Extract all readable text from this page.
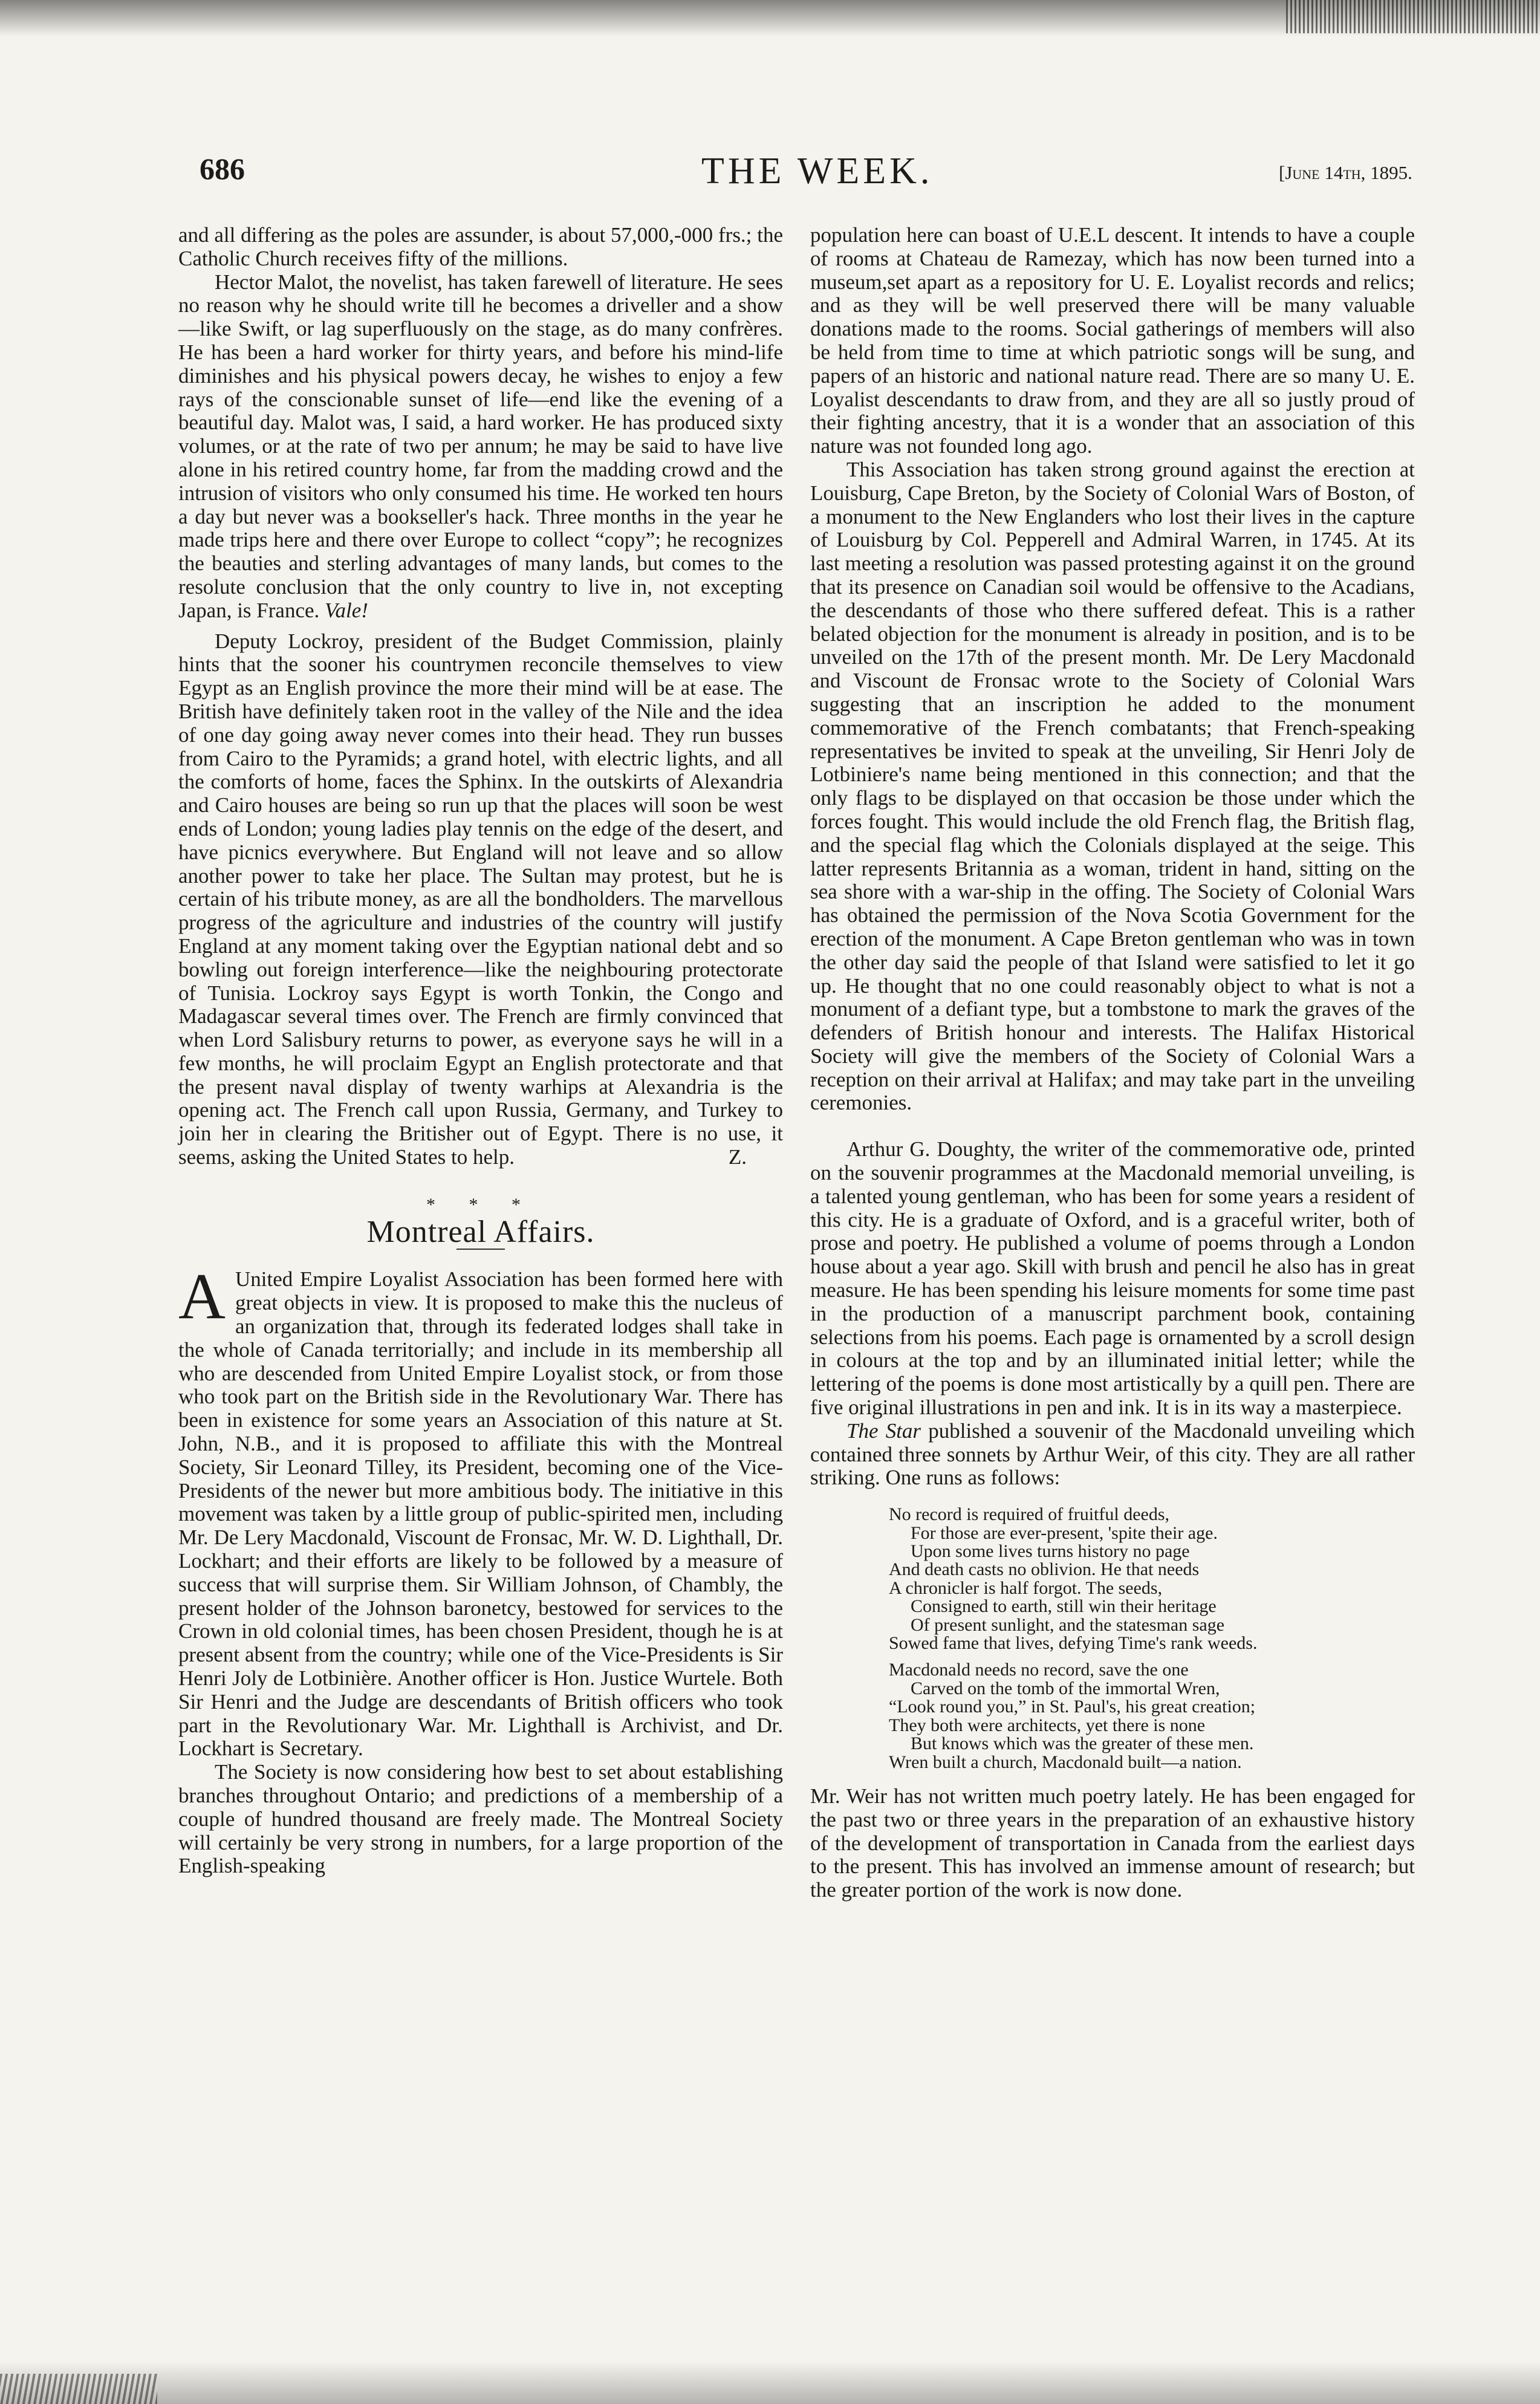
686	THE WEEK.	[June 14th, 1895.

and all differing as the poles are assunder, is about 57,000,-000 frs.; the Catholic Church receives fifty of the millions.

Hector Malot, the novelist, has taken farewell of literature. He sees no reason why he should write till he becomes a driveller and a show—like Swift, or lag superfluously on the stage, as do many confrères. He has been a hard worker for thirty years, and before his mind-life diminishes and his physical powers decay, he wishes to enjoy a few rays of the conscionable sunset of life—end like the evening of a beautiful day. Malot was, I said, a hard worker. He has produced sixty volumes, or at the rate of two per annum; he may be said to have live alone in his retired country home, far from the madding crowd and the intrusion of visitors who only consumed his time. He worked ten hours a day but never was a bookseller's hack. Three months in the year he made trips here and there over Europe to collect “copy”; he recognizes the beauties and sterling advantages of many lands, but comes to the resolute conclusion that the only country to live in, not excepting Japan, is France. Vale!

Deputy Lockroy, president of the Budget Commission, plainly hints that the sooner his countrymen reconcile themselves to view Egypt as an English province the more their mind will be at ease. The British have definitely taken root in the valley of the Nile and the idea of one day going away never comes into their head. They run busses from Cairo to the Pyramids; a grand hotel, with electric lights, and all the comforts of home, faces the Sphinx. In the outskirts of Alexandria and Cairo houses are being so run up that the places will soon be west ends of London; young ladies play tennis on the edge of the desert, and have picnics everywhere. But England will not leave and so allow another power to take her place. The Sultan may protest, but he is certain of his tribute money, as are all the bondholders. The marvellous progress of the agriculture and industries of the country will justify England at any moment taking over the Egyptian national debt and so bowling out foreign interference—like the neighbouring protectorate of Tunisia. Lockroy says Egypt is worth Tonkin, the Congo and Madagascar several times over. The French are firmly convinced that when Lord Salisbury returns to power, as everyone says he will in a few months, he will proclaim Egypt an English protectorate and that the present naval display of twenty warhips at Alexandria is the opening act. The French call upon Russia, Germany, and Turkey to join her in clearing the Britisher out of Egypt. There is no use, it seems, asking the United States to help.	Z.

* * *
Montreal Affairs.
A United Empire Loyalist Association has been formed here with great objects in view. It is proposed to make this the nucleus of an organization that, through its federated lodges shall take in the whole of Canada territorially; and include in its membership all who are descended from United Empire Loyalist stock, or from those who took part on the British side in the Revolutionary War. There has been in existence for some years an Association of this nature at St. John, N.B., and it is proposed to affiliate this with the Montreal Society, Sir Leonard Tilley, its President, becoming one of the Vice-Presidents of the newer but more ambitious body. The initiative in this movement was taken by a little group of public-spirited men, including Mr. De Lery Macdonald, Viscount de Fronsac, Mr. W. D. Lighthall, Dr. Lockhart; and their efforts are likely to be followed by a measure of success that will surprise them. Sir William Johnson, of Chambly, the present holder of the Johnson baronetcy, bestowed for services to the Crown in old colonial times, has been chosen President, though he is at present absent from the country; while one of the Vice-Presidents is Sir Henri Joly de Lotbinière. Another officer is Hon. Justice Wurtele. Both Sir Henri and the Judge are descendants of British officers who took part in the Revolutionary War. Mr. Lighthall is Archivist, and Dr. Lockhart is Secretary.

The Society is now considering how best to set about establishing branches throughout Ontario; and predictions of a membership of a couple of hundred thousand are freely made. The Montreal Society will certainly be very strong in numbers, for a large proportion of the English-speaking

population here can boast of U.E.L descent. It intends to have a couple of rooms at Chateau de Ramezay, which has now been turned into a museum,set apart as a repository for U. E. Loyalist records and relics; and as they will be well preserved there will be many valuable donations made to the rooms. Social gatherings of members will also be held from time to time at which patriotic songs will be sung, and papers of an historic and national nature read. There are so many U. E. Loyalist descendants to draw from, and they are all so justly proud of their fighting ancestry, that it is a wonder that an association of this nature was not founded long ago.

This Association has taken strong ground against the erection at Louisburg, Cape Breton, by the Society of Colonial Wars of Boston, of a monument to the New Englanders who lost their lives in the capture of Louisburg by Col. Pepperell and Admiral Warren, in 1745. At its last meeting a resolution was passed protesting against it on the ground that its presence on Canadian soil would be offensive to the Acadians, the descendants of those who there suffered defeat. This is a rather belated objection for the monument is already in position, and is to be unveiled on the 17th of the present month. Mr. De Lery Macdonald and Viscount de Fronsac wrote to the Society of Colonial Wars suggesting that an inscription he added to the monument commemorative of the French combatants; that French-speaking representatives be invited to speak at the unveiling, Sir Henri Joly de Lotbiniere's name being mentioned in this connection; and that the only flags to be displayed on that occasion be those under which the forces fought. This would include the old French flag, the British flag, and the special flag which the Colonials displayed at the seige. This latter represents Britannia as a woman, trident in hand, sitting on the sea shore with a war-ship in the offing. The Society of Colonial Wars has obtained the permission of the Nova Scotia Government for the erection of the monument. A Cape Breton gentleman who was in town the other day said the people of that Island were satisfied to let it go up. He thought that no one could reasonably object to what is not a monument of a defiant type, but a tombstone to mark the graves of the defenders of British honour and interests. The Halifax Historical Society will give the members of the Society of Colonial Wars a reception on their arrival at Halifax; and may take part in the unveiling ceremonies.

Arthur G. Doughty, the writer of the commemorative ode, printed on the souvenir programmes at the Macdonald memorial unveiling, is a talented young gentleman, who has been for some years a resident of this city. He is a graduate of Oxford, and is a graceful writer, both of prose and poetry. He published a volume of poems through a London house about a year ago. Skill with brush and pencil he also has in great measure. He has been spending his leisure moments for some time past in the production of a manuscript parchment book, containing selections from his poems. Each page is ornamented by a scroll design in colours at the top and by an illuminated initial letter; while the lettering of the poems is done most artistically by a quill pen. There are five original illustrations in pen and ink. It is in its way a masterpiece.

The Star published a souvenir of the Macdonald unveiling which contained three sonnets by Arthur Weir, of this city. They are all rather striking. One runs as follows:

No record is required of fruitful deeds,
For those are ever-present, 'spite their age.
Upon some lives turns history no page
And death casts no oblivion. He that needs
A chronicler is half forgot. The seeds,
Consigned to earth, still win their heritage
Of present sunlight, and the statesman sage
Sowed fame that lives, defying Time's rank weeds.
Macdonald needs no record, save the one
Carved on the tomb of the immortal Wren,
“Look round you,” in St. Paul's, his great creation;
They both were architects, yet there is none
But knows which was the greater of these men.
Wren built a church, Macdonald built—a nation.

Mr. Weir has not written much poetry lately. He has been engaged for the past two or three years in the preparation of an exhaustive history of the development of transportation in Canada from the earliest days to the present. This has involved an immense amount of research; but the greater portion of the work is now done.
